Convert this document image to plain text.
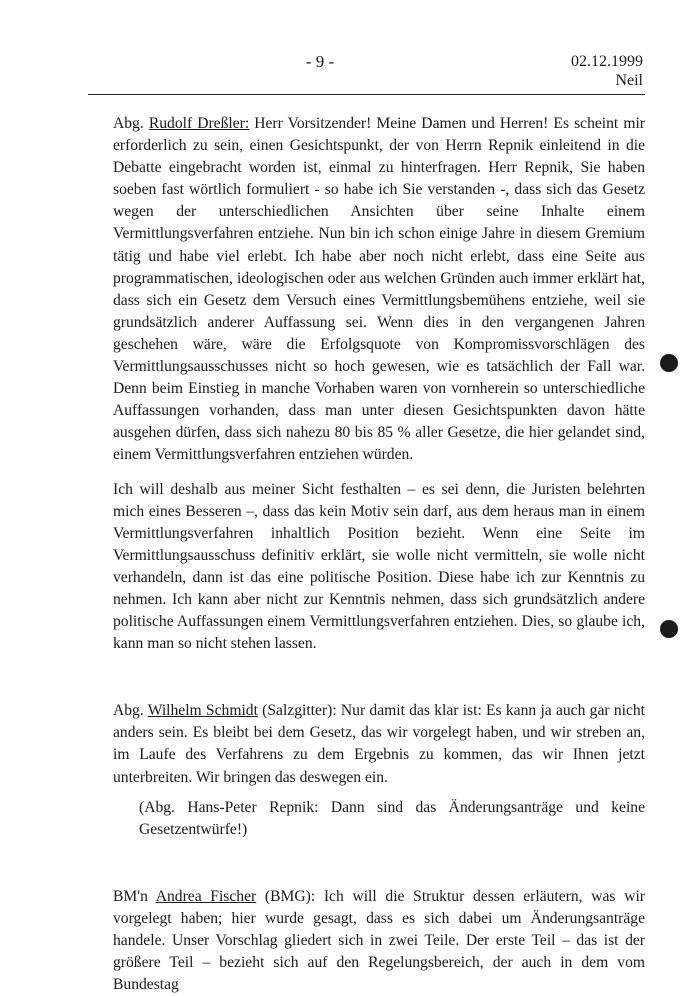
- 9 -	02.12.1999
Neil

Abg. Rudolf Dreßler: Herr Vorsitzender! Meine Damen und Herren! Es scheint mir erforderlich zu sein, einen Gesichtspunkt, der von Herrn Repnik einleitend in die Debatte eingebracht worden ist, einmal zu hinterfragen. Herr Repnik, Sie haben soeben fast wörtlich formuliert - so habe ich Sie verstanden -, dass sich das Gesetz wegen der unterschiedlichen Ansichten über seine Inhalte einem Vermittlungsverfahren entziehe. Nun bin ich schon einige Jahre in diesem Gremium tätig und habe viel erlebt. Ich habe aber noch nicht erlebt, dass eine Seite aus programmatischen, ideologischen oder aus welchen Gründen auch immer erklärt hat, dass sich ein Gesetz dem Versuch eines Vermittlungsbemühens entziehe, weil sie grundsätzlich anderer Auffassung sei. Wenn dies in den vergangenen Jahren geschehen wäre, wäre die Erfolgsquote von Kompromissvorschlägen des Vermittlungsausschusses nicht so hoch gewesen, wie es tatsächlich der Fall war. Denn beim Einstieg in manche Vorhaben waren von vornherein so unterschiedliche Auffassungen vorhanden, dass man unter diesen Gesichtspunkten davon hätte ausgehen dürfen, dass sich nahezu 80 bis 85 % aller Gesetze, die hier gelandet sind, einem Vermittlungsverfahren entziehen würden.

Ich will deshalb aus meiner Sicht festhalten – es sei denn, die Juristen belehrten mich eines Besseren –, dass das kein Motiv sein darf, aus dem heraus man in einem Vermittlungsverfahren inhaltlich Position bezieht. Wenn eine Seite im Vermittlungsausschuss definitiv erklärt, sie wolle nicht vermitteln, sie wolle nicht verhandeln, dann ist das eine politische Position. Diese habe ich zur Kenntnis zu nehmen. Ich kann aber nicht zur Kenntnis nehmen, dass sich grundsätzlich andere politische Auffassungen einem Vermittlungsverfahren entziehen. Dies, so glaube ich, kann man so nicht stehen lassen.

Abg. Wilhelm Schmidt (Salzgitter): Nur damit das klar ist: Es kann ja auch gar nicht anders sein. Es bleibt bei dem Gesetz, das wir vorgelegt haben, und wir streben an, im Laufe des Verfahrens zu dem Ergebnis zu kommen, das wir Ihnen jetzt unterbreiten. Wir bringen das deswegen ein.

(Abg. Hans-Peter Repnik: Dann sind das Änderungsanträge und keine Gesetzentwürfe!)

BM'n Andrea Fischer (BMG): Ich will die Struktur dessen erläutern, was wir vorgelegt haben; hier wurde gesagt, dass es sich dabei um Änderungsanträge handele. Unser Vorschlag gliedert sich in zwei Teile. Der erste Teil – das ist der größere Teil – bezieht sich auf den Regelungsbereich, der auch in dem vom Bundestag
